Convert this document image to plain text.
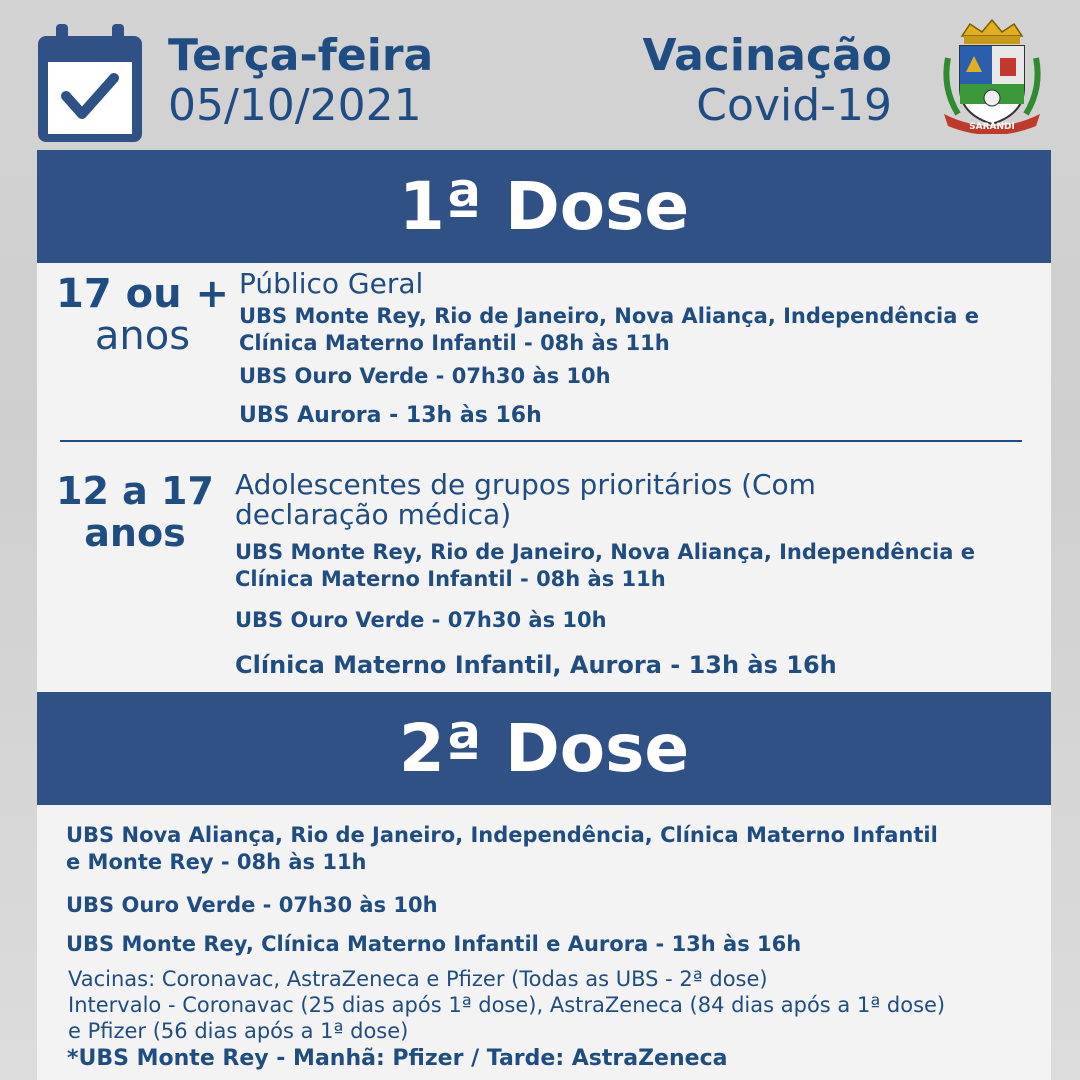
Terça-feira
05/10/2021
Vacinação
Covid-19	SARANDI
1ª Dose
17 ou +
anos
Público Geral
UBS Monte Rey, Rio de Janeiro, Nova Aliança, Independência e
Clínica Materno Infantil - 08h às 11h
UBS Ouro Verde - 07h30 às 10h
UBS Aurora - 13h às 16h
12 a 17
anos
Adolescentes de grupos prioritários (Com
declaração médica)
UBS Monte Rey, Rio de Janeiro, Nova Aliança, Independência e
Clínica Materno Infantil - 08h às 11h
UBS Ouro Verde - 07h30 às 10h
Clínica Materno Infantil, Aurora - 13h às 16h
2ª Dose
UBS Nova Aliança, Rio de Janeiro, Independência, Clínica Materno Infantil
e Monte Rey - 08h às 11h
UBS Ouro Verde - 07h30 às 10h
UBS Monte Rey, Clínica Materno Infantil e Aurora - 13h às 16h
Vacinas: Coronavac, AstraZeneca e Pfizer (Todas as UBS - 2ª dose)
Intervalo - Coronavac (25 dias após 1ª dose), AstraZeneca (84 dias após a 1ª dose)
e Pfizer (56 dias após a 1ª dose)
*UBS Monte Rey - Manhã: Pfizer / Tarde: AstraZeneca
